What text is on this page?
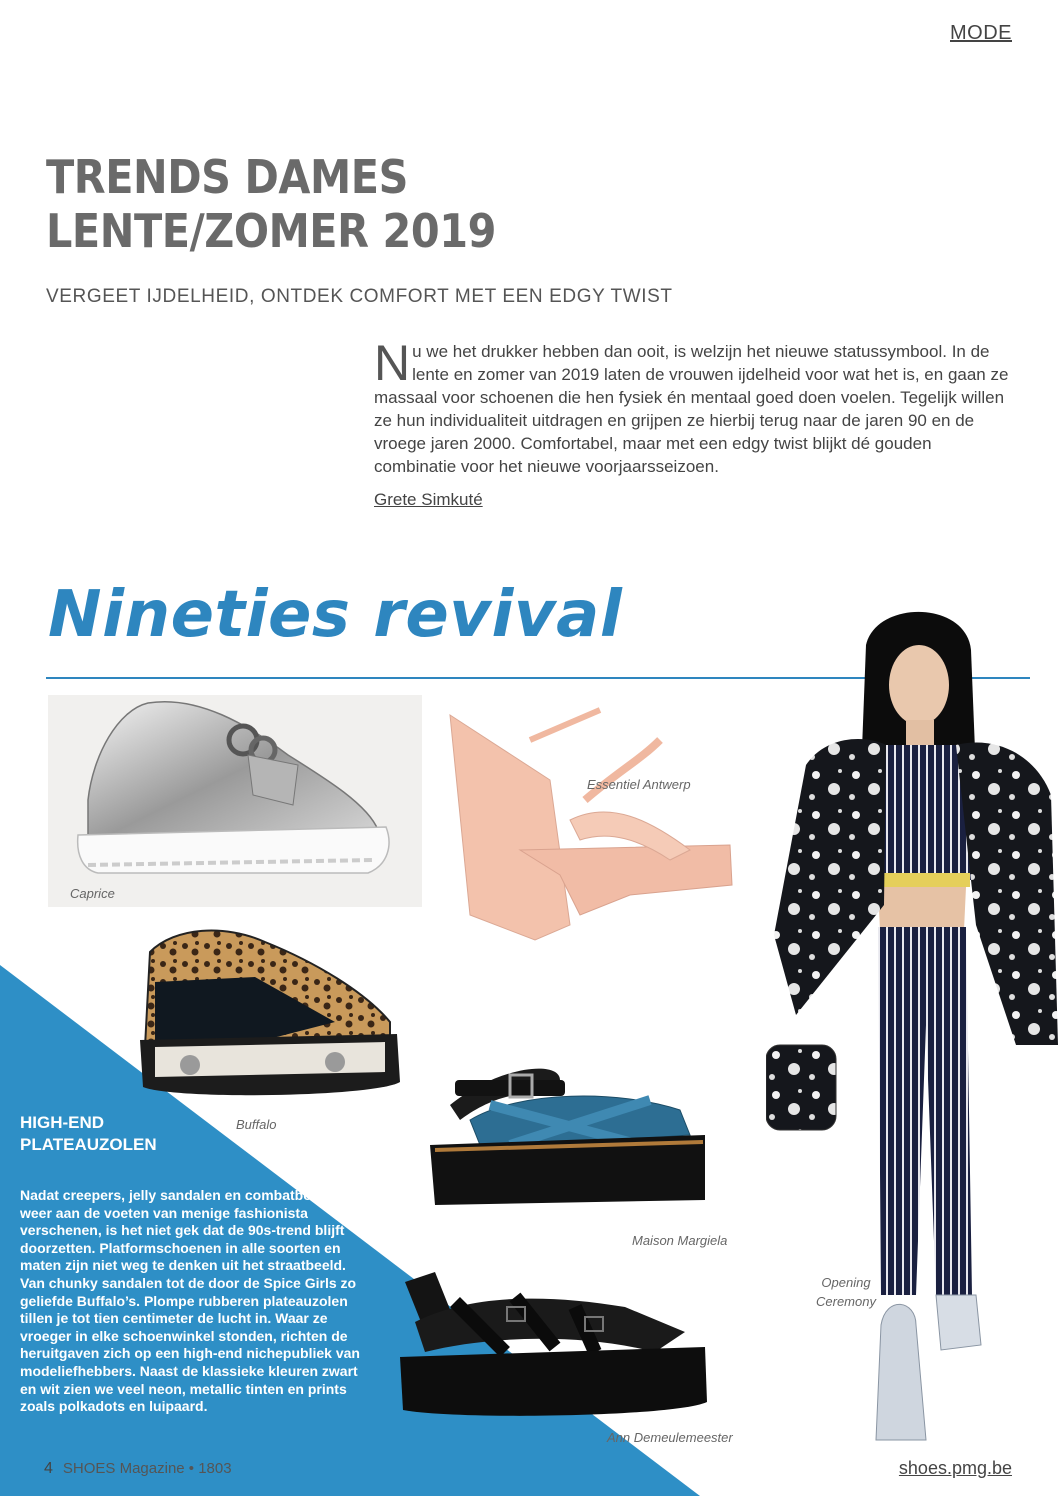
MODE
TRENDS DAMES
LENTE/ZOMER 2019
VERGEET IJDELHEID, ONTDEK COMFORT MET EEN EDGY TWIST
Nu we het drukker hebben dan ooit, is welzijn het nieuwe statussymbool. In de lente en zomer van 2019 laten de vrouwen ijdelheid voor wat het is, en gaan ze massaal voor schoenen die hen fysiek én mentaal goed doen voelen. Tegelijk willen ze hun individualiteit uitdragen en grijpen ze hierbij terug naar de jaren 90 en de vroege jaren 2000. Comfortabel, maar met een edgy twist blijkt dé gouden combinatie voor het nieuwe voorjaarsseizoen.
Grete Simkuté
Nineties revival
Caprice
Essentiel Antwerp
Buffalo
Maison Margiela
Ann Demeulemeester
Opening
Ceremony
HIGH-END
PLATEAUZOLEN
Nadat creepers, jelly sandalen en combatboots weer aan de voeten van menige fashionista verschenen, is het niet gek dat de 90s-trend blijft doorzetten. Platformschoenen in alle soorten en maten zijn niet weg te denken uit het straatbeeld. Van chunky sandalen tot de door de Spice Girls zo geliefde Buffalo’s. Plompe rubberen plateauzolen tillen je tot tien centimeter de lucht in. Waar ze vroeger in elke schoenwinkel stonden, richten de heruitgaven zich op een high-end nichepubliek van modeliefhebbers. Naast de klassieke kleuren zwart en wit zien we veel neon, metallic tinten en prints zoals polkadots en luipaard.
4 SHOES Magazine • 1803	shoes.pmg.be
